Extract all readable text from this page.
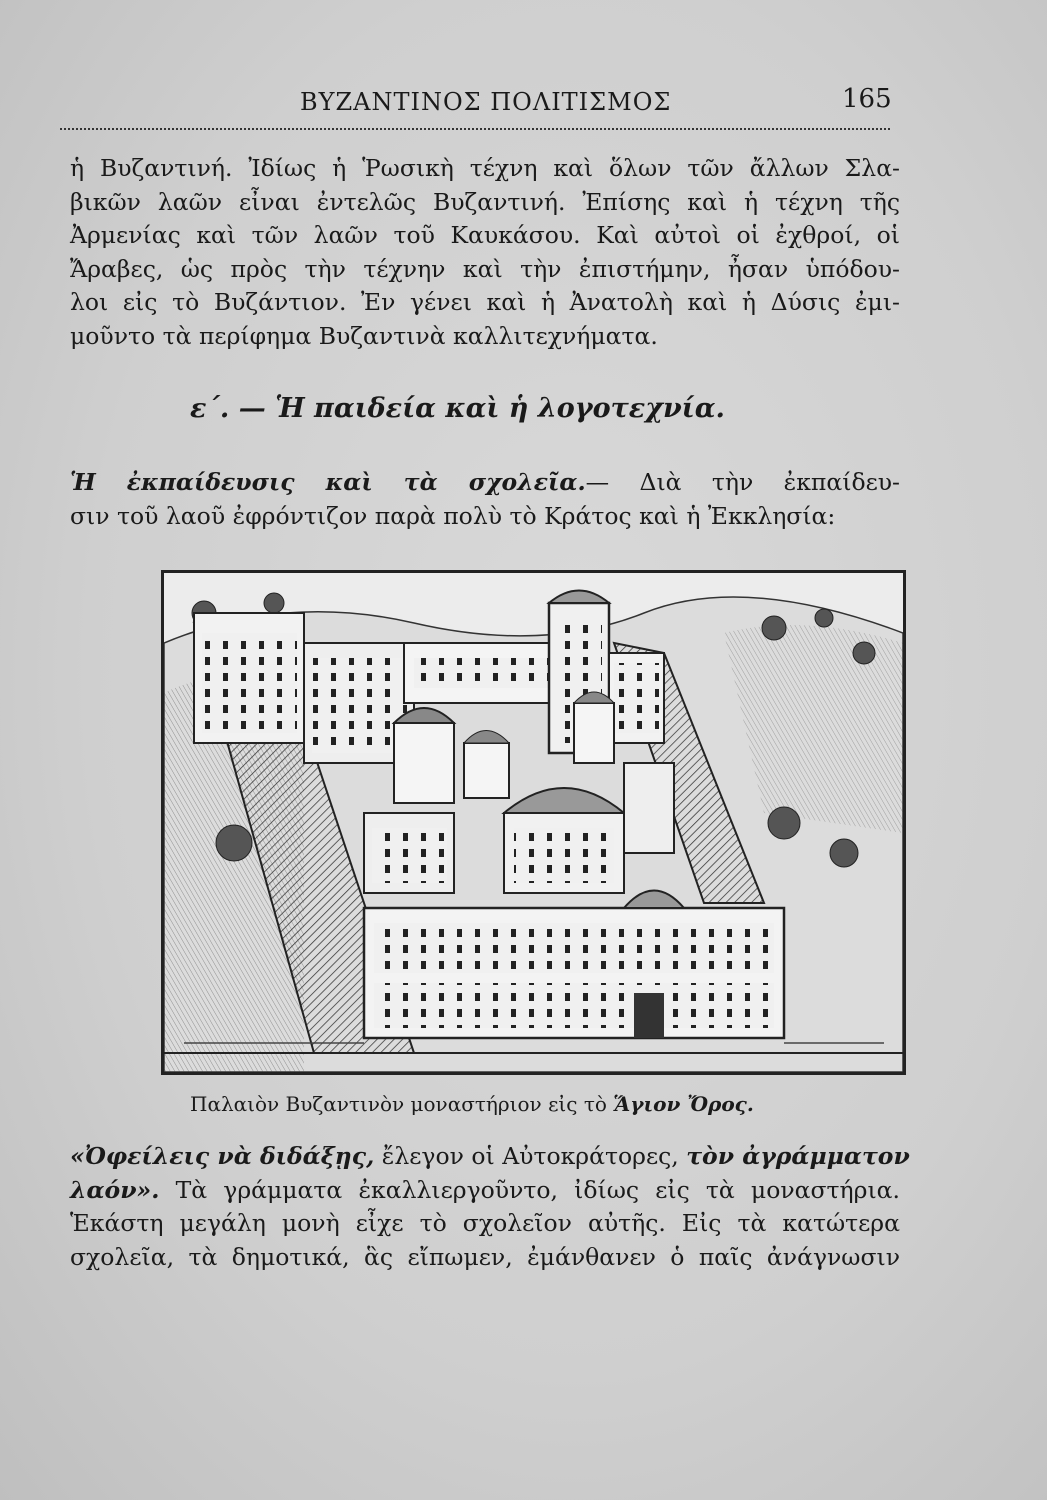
ΒΥΖΑΝΤΙΝΟΣ ΠΟΛΙΤΙΣΜΟΣ	165
ἡ Βυζαντινή. Ἰδίως ἡ Ῥωσικὴ τέχνη καὶ ὅλων τῶν ἄλλων Σλα-
βικῶν λαῶν εἶναι ἐντελῶς Βυζαντινή. Ἐπίσης καὶ ἡ τέχνη τῆς
Ἀρμενίας καὶ τῶν λαῶν τοῦ Καυκάσου. Καὶ αὐτοὶ οἱ ἐχθροί, οἱ
Ἄραβες, ὡς πρὸς τὴν τέχνην καὶ τὴν ἐπιστήμην, ἦσαν ὑπόδου-
λοι εἰς τὸ Βυζάντιον. Ἐν γένει καὶ ἡ Ἀνατολὴ καὶ ἡ Δύσις ἐμι-
μοῦντο τὰ περίφημα Βυζαντινὰ καλλιτεχνήματα.
ε΄. — Ἡ παιδεία καὶ ἡ λογοτεχνία.
Ἡ ἐκπαίδευσις καὶ τὰ σχολεῖα.— Διὰ τὴν ἐκπαίδευ-
σιν τοῦ λαοῦ ἐφρόντιζον παρὰ πολὺ τὸ Κράτος καὶ ἡ Ἐκκλησία:
Παλαιὸν Βυζαντινὸν μοναστήριον εἰς τὸ Ἅγιον Ὄρος.
«Ὀφείλεις νὰ διδάξῃς, ἔλεγον οἱ Αὐτοκράτορες, τὸν ἀγράμματον
λαόν». Τὰ γράμματα ἐκαλλιεργοῦντο, ἰδίως εἰς τὰ μοναστήρια.
Ἑκάστη μεγάλη μονὴ εἶχε τὸ σχολεῖον αὐτῆς. Εἰς τὰ κατώτερα
σχολεῖα, τὰ δημοτικά, ἃς εἴπωμεν, ἐμάνθανεν ὁ παῖς ἀνάγνωσιν
